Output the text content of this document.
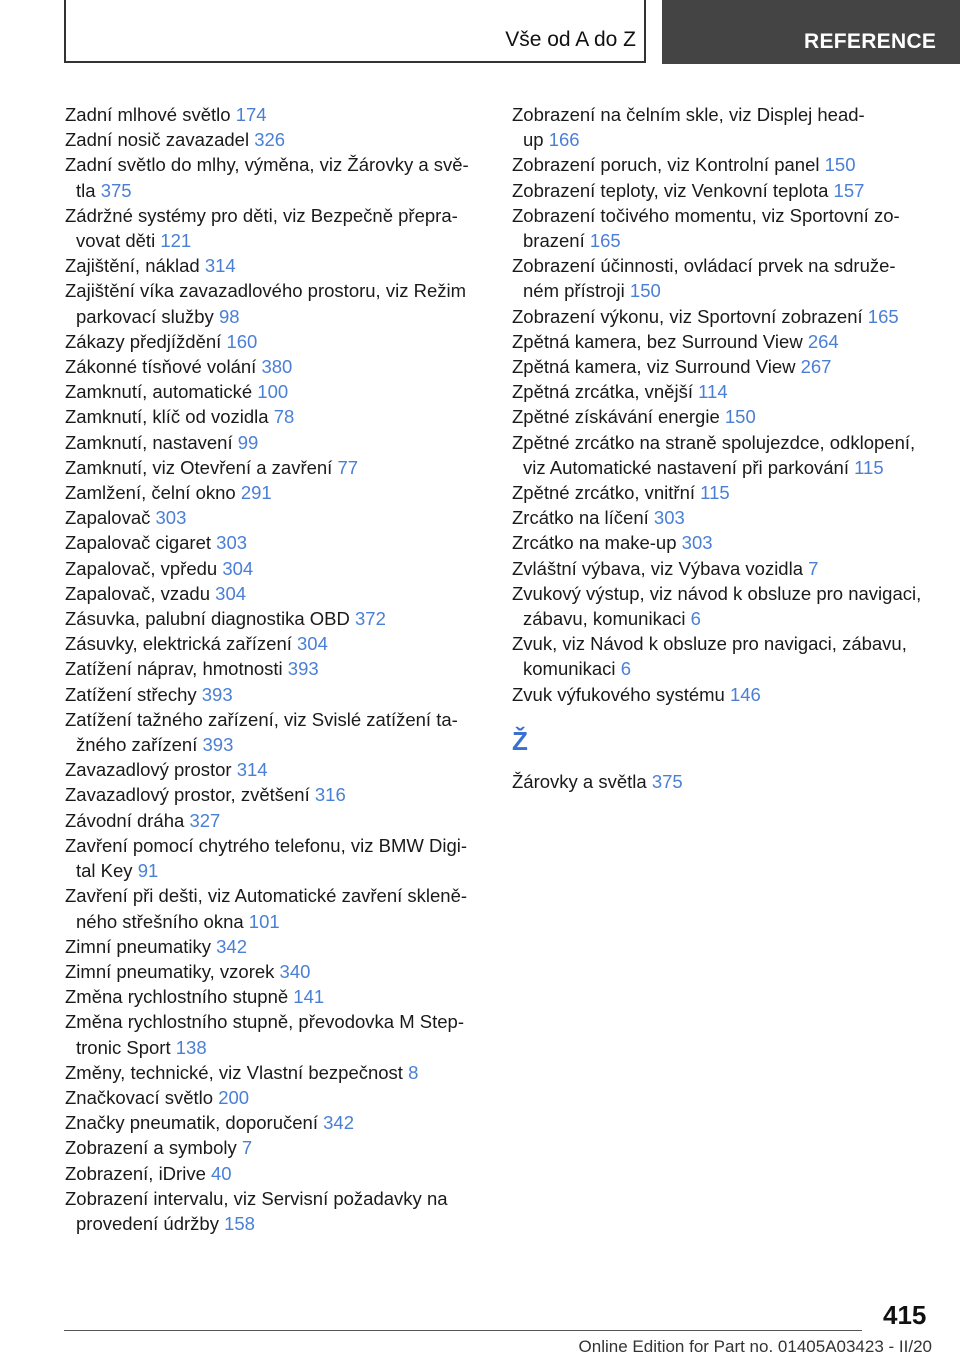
Vše od A do Z	REFERENCE
Zadní mlhové světlo 174
Zadní nosič zavazadel 326
Zadní světlo do mlhy, výměna, viz Žárovky a svě-
tla 375
Zádržné systémy pro děti, viz Bezpečně přepra-
vovat děti 121
Zajištění, náklad 314
Zajištění víka zavazadlového prostoru, viz Režim
parkovací služby 98
Zákazy předjíždění 160
Zákonné tísňové volání 380
Zamknutí, automatické 100
Zamknutí, klíč od vozidla 78
Zamknutí, nastavení 99
Zamknutí, viz Otevření a zavření 77
Zamlžení, čelní okno 291
Zapalovač 303
Zapalovač cigaret 303
Zapalovač, vpředu 304
Zapalovač, vzadu 304
Zásuvka, palubní diagnostika OBD 372
Zásuvky, elektrická zařízení 304
Zatížení náprav, hmotnosti 393
Zatížení střechy 393
Zatížení tažného zařízení, viz Svislé zatížení ta-
žného zařízení 393
Zavazadlový prostor 314
Zavazadlový prostor, zvětšení 316
Závodní dráha 327
Zavření pomocí chytrého telefonu, viz BMW Digi-
tal Key 91
Zavření při dešti, viz Automatické zavření skleně-
ného střešního okna 101
Zimní pneumatiky 342
Zimní pneumatiky, vzorek 340
Změna rychlostního stupně 141
Změna rychlostního stupně, převodovka M Step-
tronic Sport 138
Změny, technické, viz Vlastní bezpečnost 8
Značkovací světlo 200
Značky pneumatik, doporučení 342
Zobrazení a symboly 7
Zobrazení, iDrive 40
Zobrazení intervalu, viz Servisní požadavky na
provedení údržby 158
Zobrazení na čelním skle, viz Displej head-
up 166
Zobrazení poruch, viz Kontrolní panel 150
Zobrazení teploty, viz Venkovní teplota 157
Zobrazení točivého momentu, viz Sportovní zo-
brazení 165
Zobrazení účinnosti, ovládací prvek na sdruže-
ném přístroji 150
Zobrazení výkonu, viz Sportovní zobrazení 165
Zpětná kamera, bez Surround View 264
Zpětná kamera, viz Surround View 267
Zpětná zrcátka, vnější 114
Zpětné získávání energie 150
Zpětné zrcátko na straně spolujezdce, odklopení,
viz Automatické nastavení při parkování 115
Zpětné zrcátko, vnitřní 115
Zrcátko na líčení 303
Zrcátko na make-up 303
Zvláštní výbava, viz Výbava vozidla 7
Zvukový výstup, viz návod k obsluze pro navigaci,
zábavu, komunikaci 6
Zvuk, viz Návod k obsluze pro navigaci, zábavu,
komunikaci 6
Zvuk výfukového systému 146
Ž
Žárovky a světla 375
415
Online Edition for Part no. 01405A03423 - II/20
